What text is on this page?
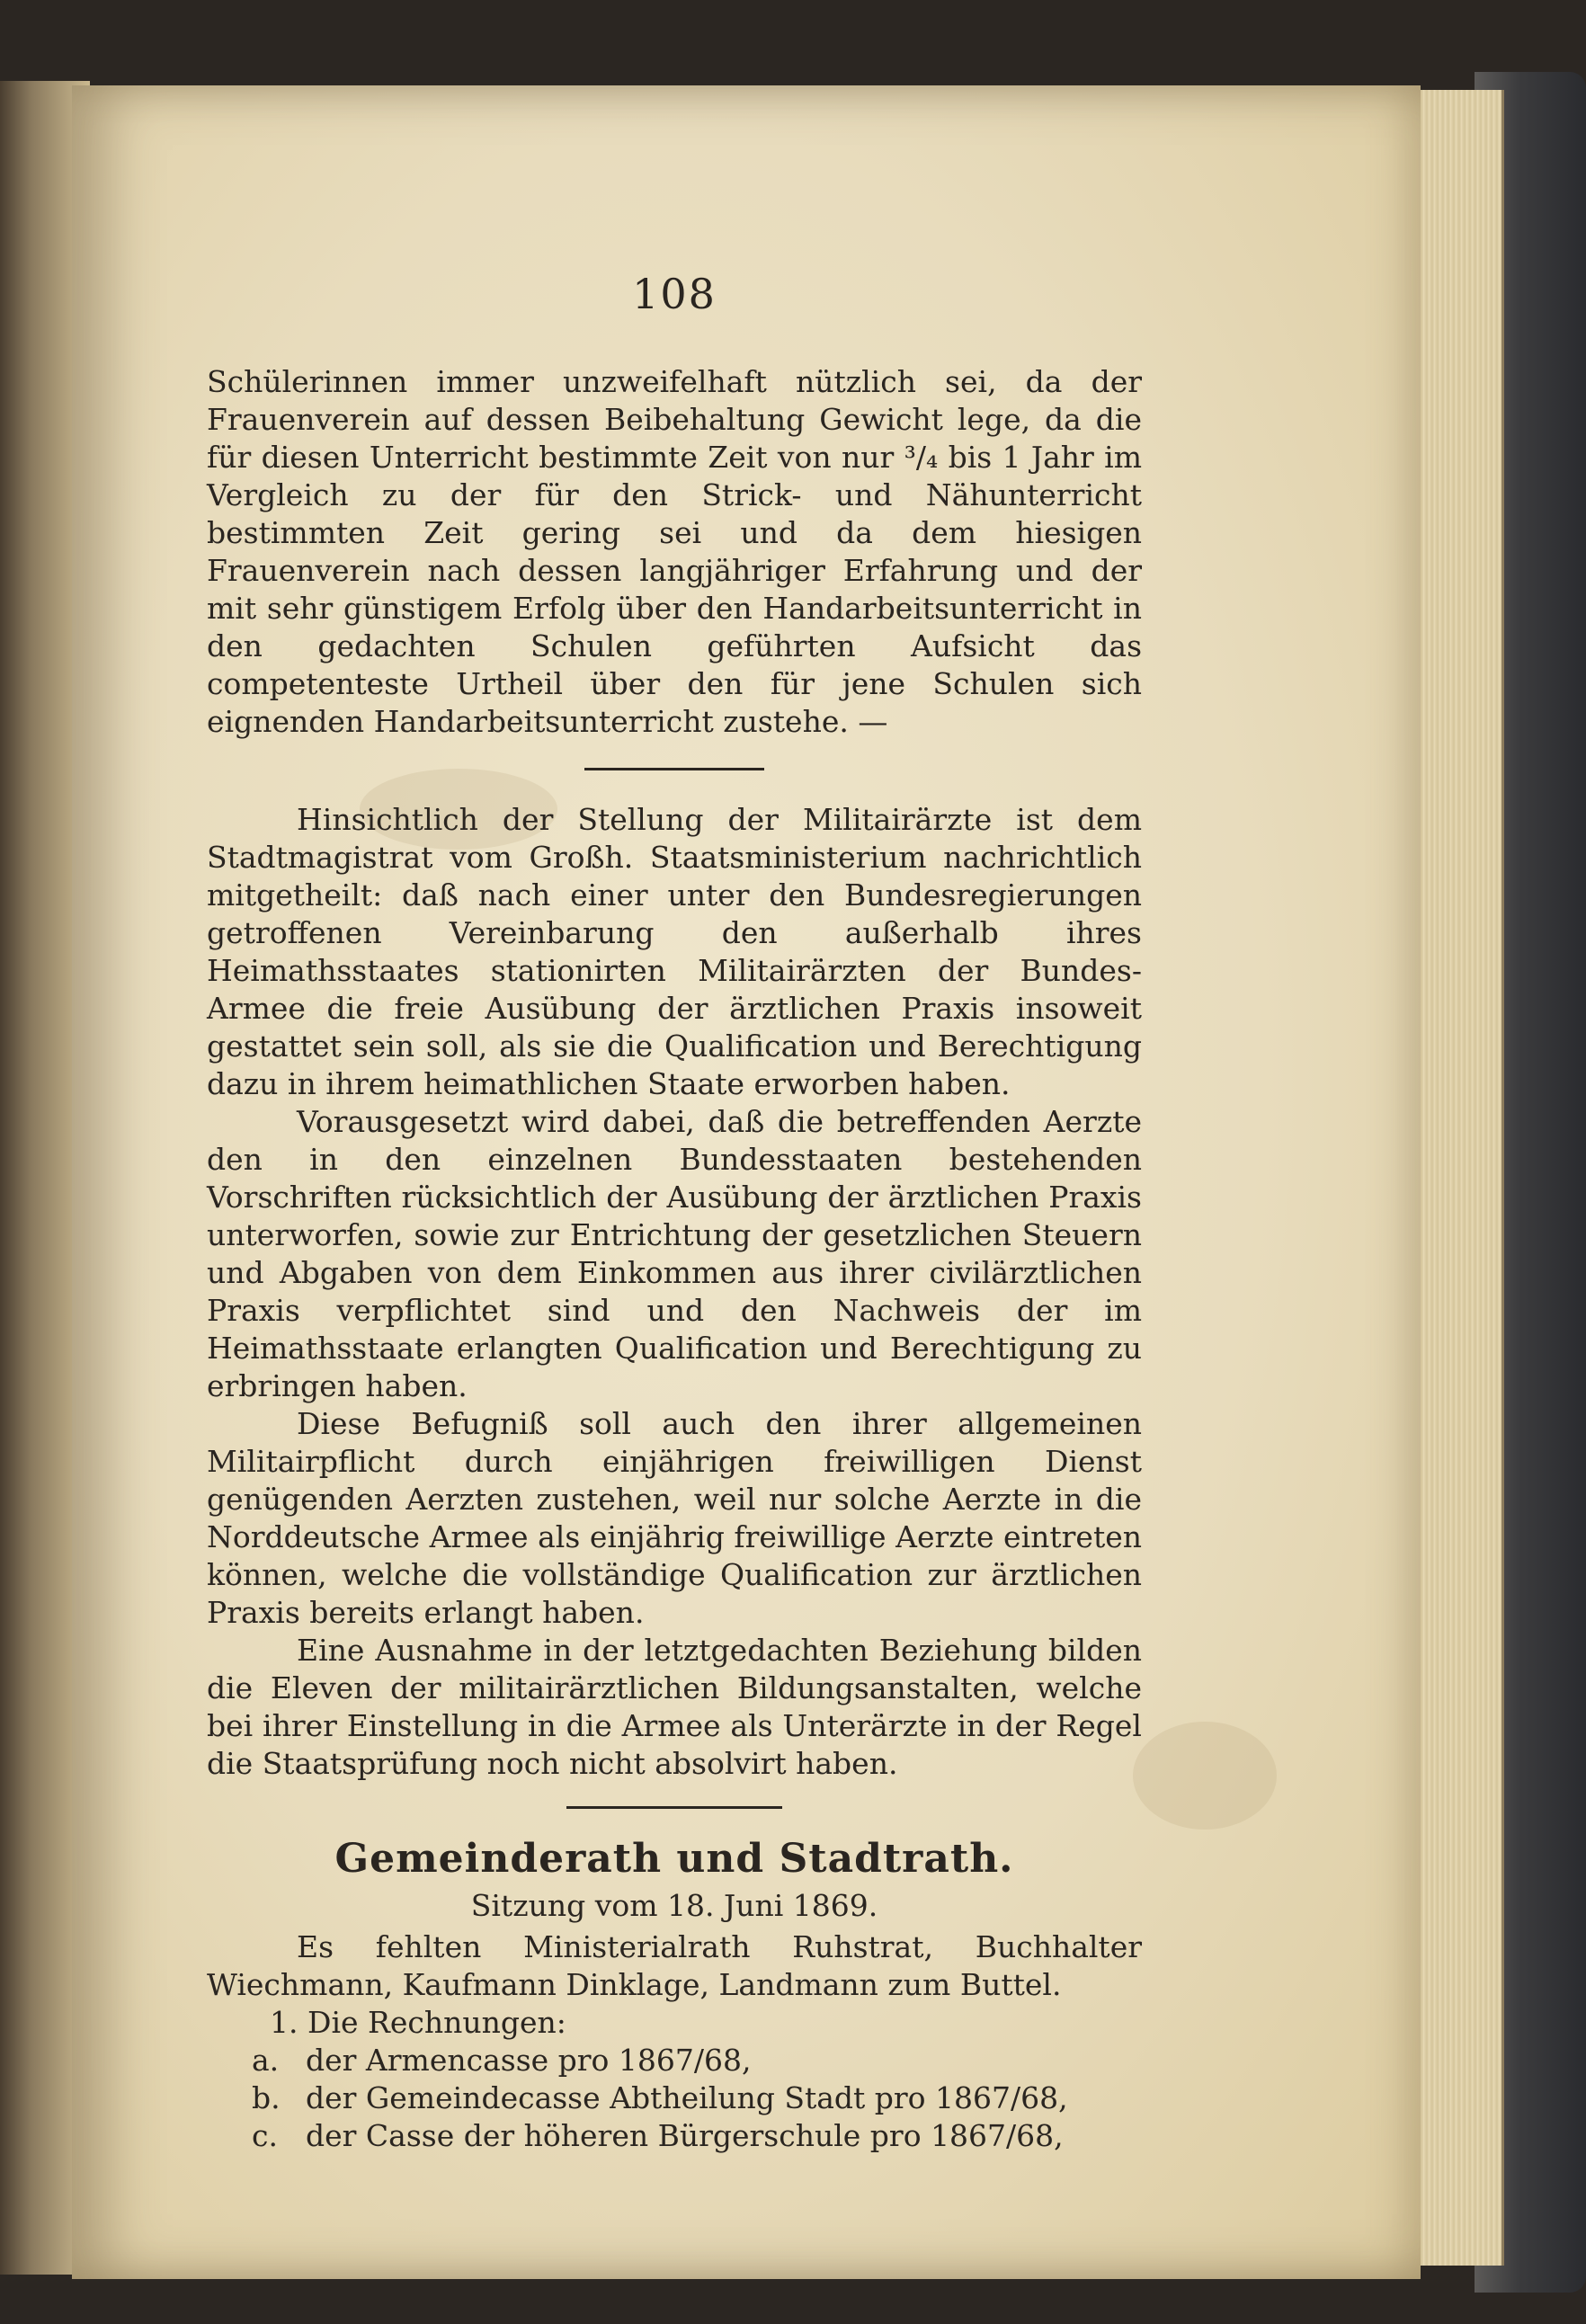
108

Schülerinnen immer unzweifelhaft nützlich sei, da der Frauenverein auf dessen Beibehaltung Gewicht lege, da die für diesen Unterricht bestimmte Zeit von nur ³/₄ bis 1 Jahr im Vergleich zu der für den Strick- und Nähunterricht bestimmten Zeit gering sei und da dem hiesigen Frauenverein nach dessen langjähriger Erfahrung und der mit sehr günstigem Erfolg über den Handarbeitsunterricht in den gedachten Schulen geführten Aufsicht das competenteste Urtheil über den für jene Schulen sich eignenden Handarbeitsunterricht zustehe. —

Hinsichtlich der Stellung der Militairärzte ist dem Stadtmagistrat vom Großh. Staatsministerium nachrichtlich mitgetheilt: daß nach einer unter den Bundesregierungen getroffenen Vereinbarung den außerhalb ihres Heimathsstaates stationirten Militairärzten der Bundes-Armee die freie Ausübung der ärztlichen Praxis insoweit gestattet sein soll, als sie die Qualification und Berechtigung dazu in ihrem heimathlichen Staate erworben haben.

Vorausgesetzt wird dabei, daß die betreffenden Aerzte den in den einzelnen Bundesstaaten bestehenden Vorschriften rücksichtlich der Ausübung der ärztlichen Praxis unterworfen, sowie zur Entrichtung der gesetzlichen Steuern und Abgaben von dem Einkommen aus ihrer civilärztlichen Praxis verpflichtet sind und den Nachweis der im Heimathsstaate erlangten Qualification und Berechtigung zu erbringen haben.

Diese Befugniß soll auch den ihrer allgemeinen Militairpflicht durch einjährigen freiwilligen Dienst genügenden Aerzten zustehen, weil nur solche Aerzte in die Norddeutsche Armee als einjährig freiwillige Aerzte eintreten können, welche die vollständige Qualification zur ärztlichen Praxis bereits erlangt haben.

Eine Ausnahme in der letztgedachten Beziehung bilden die Eleven der militairärztlichen Bildungsanstalten, welche bei ihrer Einstellung in die Armee als Unterärzte in der Regel die Staatsprüfung noch nicht absolvirt haben.

Gemeinderath und Stadtrath.
Sitzung vom 18. Juni 1869.

Es fehlten Ministerialrath Ruhstrat, Buchhalter Wiechmann, Kaufmann Dinklage, Landmann zum Buttel.

1. Die Rechnungen:
a. der Armencasse pro 1867/68,
b. der Gemeindecasse Abtheilung Stadt pro 1867/68,
c. der Casse der höheren Bürgerschule pro 1867/68,
